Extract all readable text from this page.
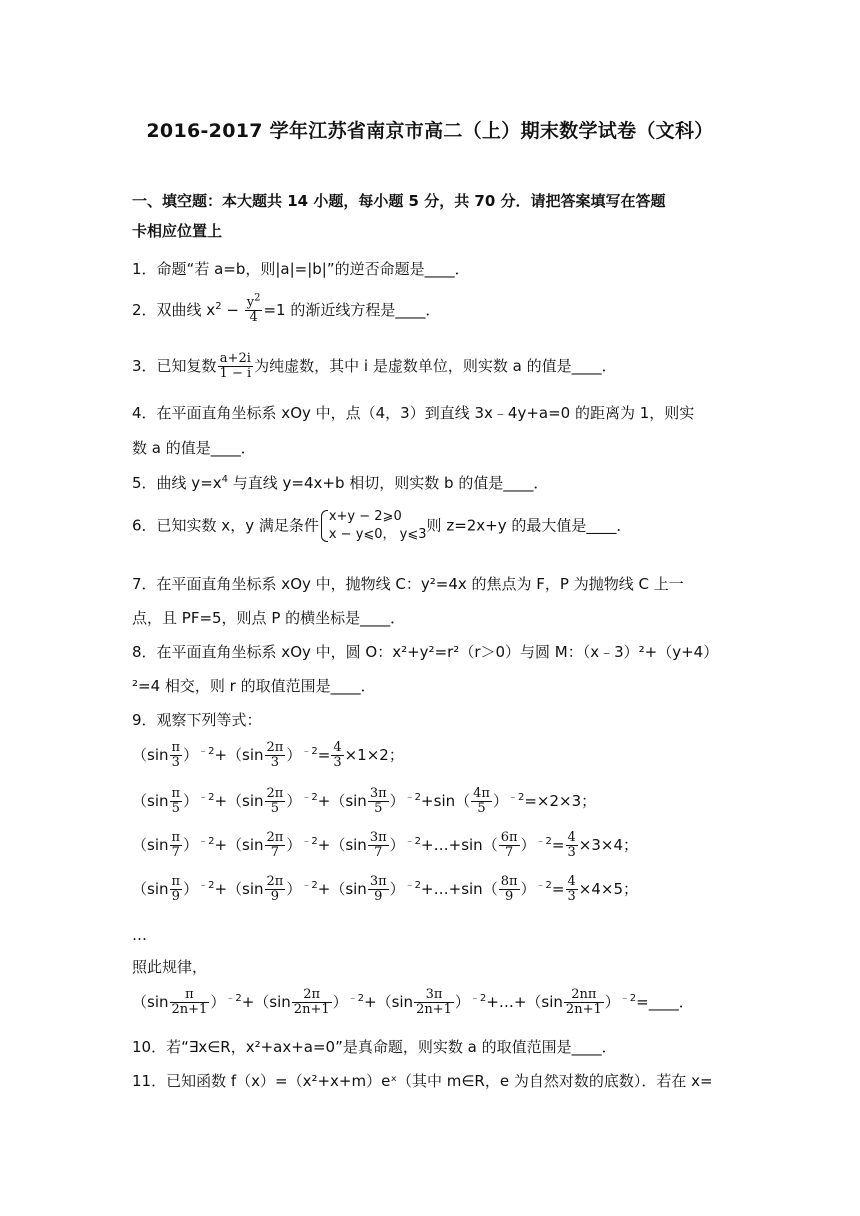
2016-2017 学年江苏省南京市高二（上）期末数学试卷（文科）
一、填空题：本大题共 14 小题，每小题 5 分，共 70 分．请把答案填写在答题
卡相应位置上
1．命题“若 a=b，则|a|=|b|”的逆否命题是____．
2．双曲线 $x^2 - \frac{y^2}{4} =1$ 的渐近线方程是____．
3．已知复数 $\frac{a+2i}{1 - i}$ 为纯虚数，其中 i 是虚数单位，则实数 a 的值是____．
4．在平面直角坐标系 xOy 中，点（4，3）到直线 3x﹣4y+a=0 的距离为 1，则实
数 a 的值是____．
5．曲线 $y=x^4$ 与直线 y=4x+b 相切，则实数 b 的值是____．
6．已知实数 x，y 满足条件 x+y − 2⩾0
x − y⩽0， y⩽3 则 z=2x+y 的最大值是____．
7．在平面直角坐标系 xOy 中，抛物线 C：y²=4x 的焦点为 F，P 为抛物线 C 上一
点，且 PF=5，则点 P 的横坐标是____．
8．在平面直角坐标系 xOy 中，圆 O：x²+y²=r²（r＞0）与圆 M：（x﹣3）²+（y+4）
²=4 相交，则 r 的取值范围是____．
9．观察下列等式：
$(\sin \frac{\pi}{3} )^{﹣2}+(\sin \frac{2\pi}{3} )^{﹣2}= \frac{4}{3} \times 1\times 2$；
$(\sin \frac{\pi}{5} )^{﹣2}+(\sin \frac{2\pi}{5} )^{﹣2}+(\sin \frac{3\pi}{5} )^{﹣2}+\sin( \frac{4\pi}{5} )^{﹣2}=\times 2\times 3$；
$(\sin \frac{\pi}{7} )^{﹣2}+(\sin \frac{2\pi}{7} )^{﹣2}+(\sin \frac{3\pi}{7}$ ）$^{﹣2}$+…+sin（ $\frac{6\pi}{7} )^{﹣2}= \frac{4}{3} \times 3\times 4$；
$(\sin \frac{\pi}{9} )^{﹣2}+(\sin \frac{2\pi}{9} )^{﹣2}+(\sin \frac{3\pi}{9}$ ）$^{﹣2}$+…+sin（ $\frac{8\pi}{9} )^{﹣2}= \frac{4}{3} \times 4\times 5$；
…
照此规律，
$(\sin \frac{\pi}{2n+1} )^{﹣2}+(\sin \frac{2\pi}{2n+1} )^{﹣2}+(\sin \frac{3\pi}{2n+1}$ ）$^{﹣2}$+…+（sin $\frac{2n\pi}{2n+1}$ ）$^{﹣2}$=____．
10．若“∃x∈R，x²+ax+a=0”是真命题，则实数 a 的取值范围是____．
11．已知函数 f（x）=（x²+x+m）eˣ（其中 m∈R，e 为自然对数的底数）．若在 x=
